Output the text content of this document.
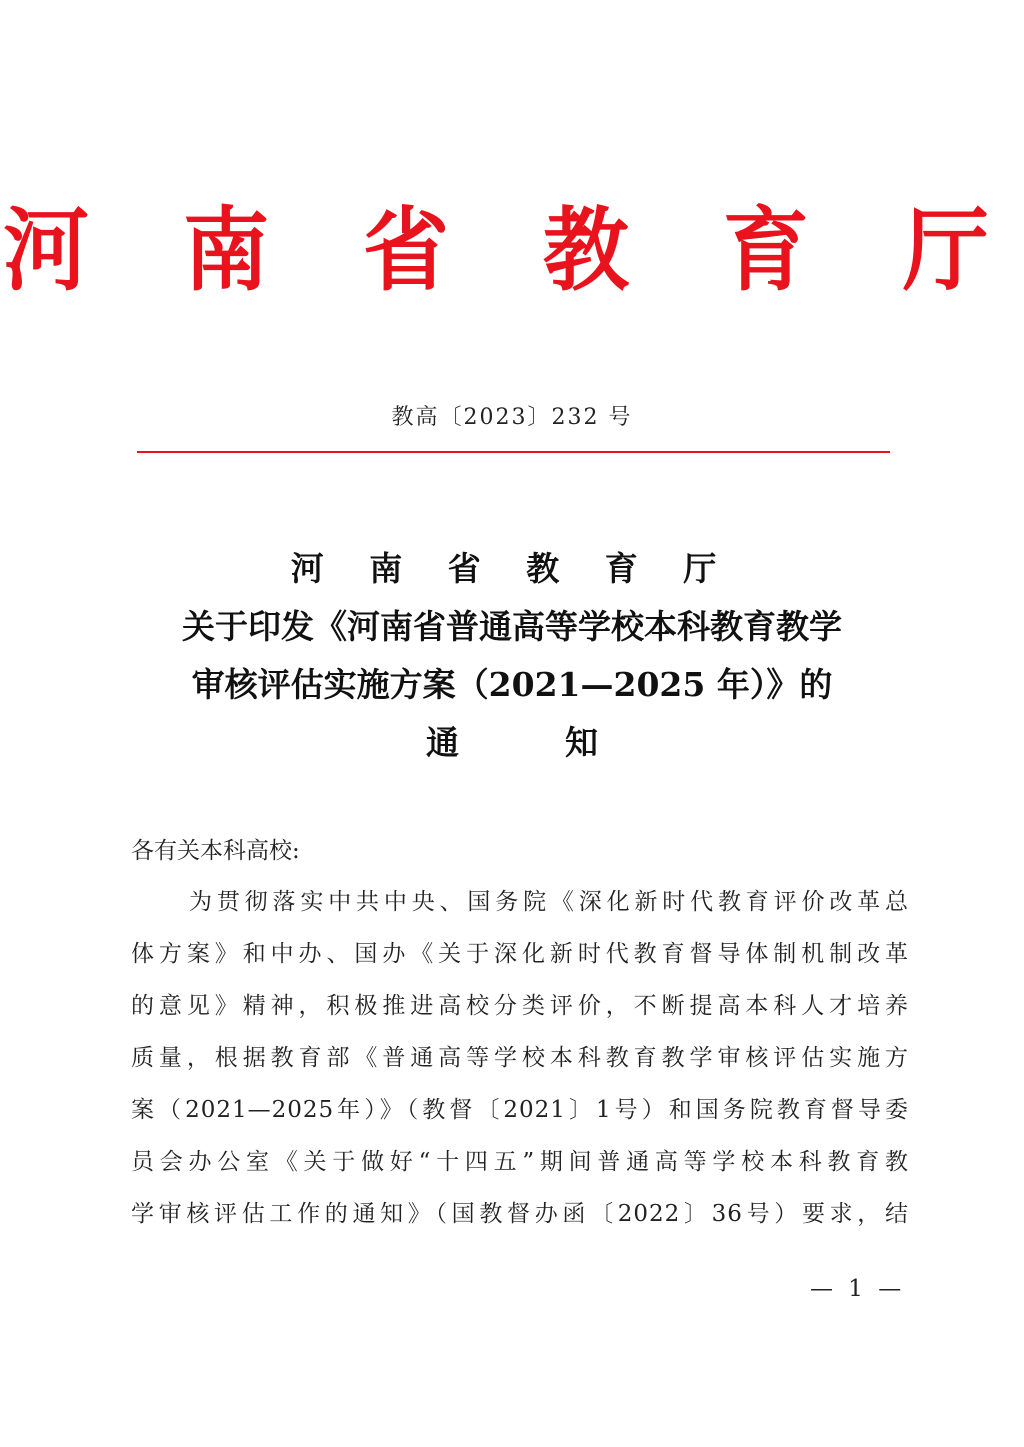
河 南 省 教 育 厅
教高〔2023〕232 号
河 南 省 教 育 厅
关于印发《河南省普通高等学校本科教育教学
审核评估实施方案（2021—2025 年）》的
通	知
各有关本科高校:
为贯彻落实中共中央、国务院《深化新时代教育评价改革总
体方案》和中办、国办《关于深化新时代教育督导体制机制改革
的意见》精神，积极推进高校分类评价，不断提高本科人才培养
质量，根据教育部《普通高等学校本科教育教学审核评估实施方
案（2021—2025年）》（教督〔2021〕1号）和国务院教育督导委
员会办公室《关于做好“十四五”期间普通高等学校本科教育教
学审核评估工作的通知》（国教督办函〔2022〕36号）要求，结
— 1 —
